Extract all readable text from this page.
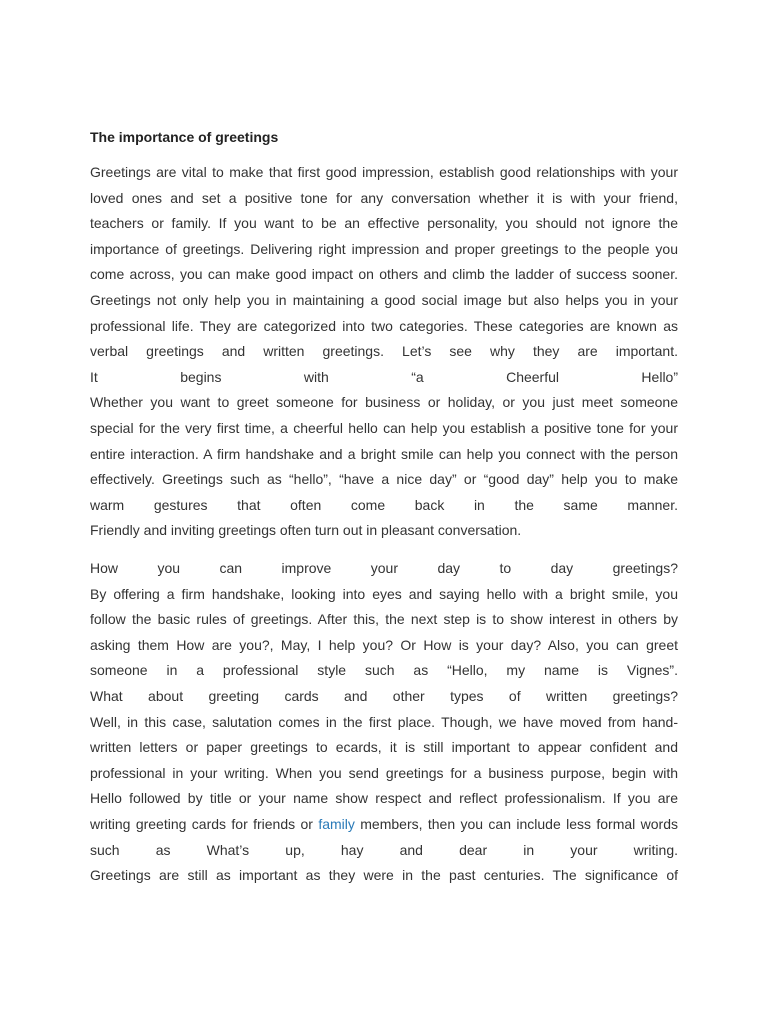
The importance of greetings
Greetings are vital to make that first good impression, establish good relationships with your
loved ones and set a positive tone for any conversation whether it is with your friend,
teachers or family. If you want to be an effective personality, you should not ignore the
importance of greetings. Delivering right impression and proper greetings to the people you
come across, you can make good impact on others and climb the ladder of success sooner.
Greetings not only help you in maintaining a good social image but also helps you in your
professional life. They are categorized into two categories. These categories are known as
verbal greetings and written greetings. Let’s see why they are important.
It begins with “a Cheerful Hello”
Whether you want to greet someone for business or holiday, or you just meet someone
special for the very first time, a cheerful hello can help you establish a positive tone for your
entire interaction. A firm handshake and a bright smile can help you connect with the person
effectively. Greetings such as “hello”, “have a nice day” or “good day” help you to make
warm gestures that often come back in the same manner.
Friendly and inviting greetings often turn out in pleasant conversation.
How you can improve your day to day greetings?
By offering a firm handshake, looking into eyes and saying hello with a bright smile, you
follow the basic rules of greetings. After this, the next step is to show interest in others by
asking them How are you?, May, I help you? Or How is your day? Also, you can greet
someone in a professional style such as “Hello, my name is Vignes”.
What about greeting cards and other types of written greetings?
Well, in this case, salutation comes in the first place. Though, we have moved from hand-
written letters or paper greetings to ecards, it is still important to appear confident and
professional in your writing. When you send greetings for a business purpose, begin with
Hello followed by title or your name show respect and reflect professionalism. If you are
writing greeting cards for friends or family members, then you can include less formal words
such as What’s up, hay and dear in your writing.
Greetings are still as important as they were in the past centuries. The significance of
